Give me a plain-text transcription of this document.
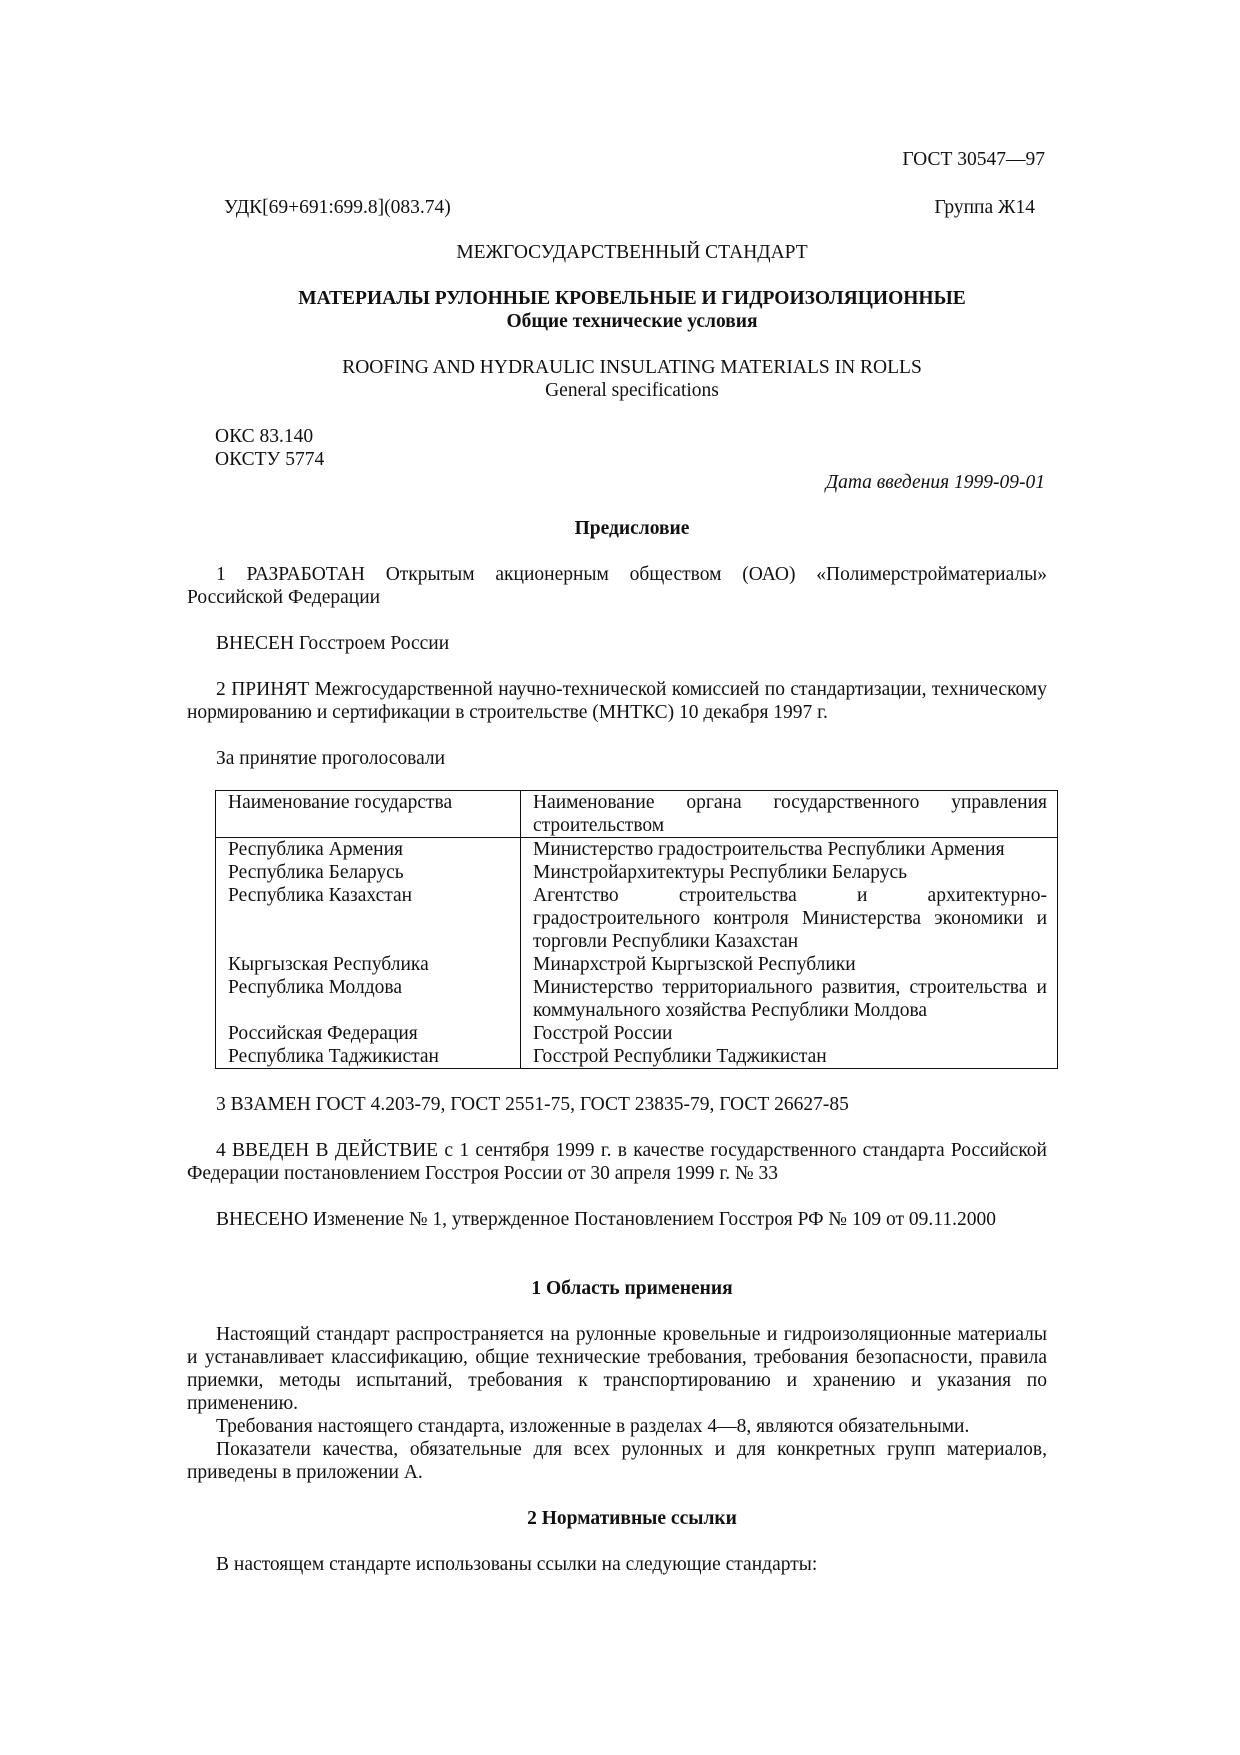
ГОСТ 30547—97
УДК[69+691:699.8](083.74)	Группа Ж14
МЕЖГОСУДАРСТВЕННЫЙ СТАНДАРТ
МАТЕРИАЛЫ РУЛОННЫЕ КРОВЕЛЬНЫЕ И ГИДРОИЗОЛЯЦИОННЫЕ
Общие технические условия
ROOFING AND HYDRAULIC INSULATING MATERIALS IN ROLLS
General specifications
ОКС 83.140
ОКСТУ 5774
Дата введения 1999-09-01
Предисловие

1 РАЗРАБОТАН Открытым акционерным обществом (ОАО) «Полимерстройматериалы» Российской Федерации

ВНЕСЕН Госстроем России

2 ПРИНЯТ Межгосударственной научно-технической комиссией по стандартизации, техническому нормированию и сертификации в строительстве (МНТКС) 10 декабря 1997 г.

За принятие проголосовали

Наименование государства	Наименование органа государственного управления строительством
Республика Армения	Министерство градостроительства Республики Армения
Республика Беларусь	Минстройархитектуры Республики Беларусь
Республика Казахстан	Агентство строительства и архитектурно-градостроительного контроля Министерства экономики и торговли Республики Казахстан
Кыргызская Республика	Минархстрой Кыргызской Республики
Республика Молдова	Министерство территориального развития, строительства и коммунального хозяйства Республики Молдова
Российская Федерация	Госстрой России
Республика Таджикистан	Госстрой Республики Таджикистан

3 ВЗАМЕН ГОСТ 4.203-79, ГОСТ 2551-75, ГОСТ 23835-79, ГОСТ 26627-85

4 ВВЕДЕН В ДЕЙСТВИЕ с 1 сентября 1999 г. в качестве государственного стандарта Российской Федерации постановлением Госстроя России от 30 апреля 1999 г. № 33

ВНЕСЕНО Изменение № 1, утвержденное Постановлением Госстроя РФ № 109 от 09.11.2000

1 Область применения

Настоящий стандарт распространяется на рулонные кровельные и гидроизоляционные материалы и устанавливает классификацию, общие технические требования, требования безопасности, правила приемки, методы испытаний, требования к транспортированию и хранению и указания по применению.

Требования настоящего стандарта, изложенные в разделах 4—8, являются обязательными.

Показатели качества, обязательные для всех рулонных и для конкретных групп материалов, приведены в приложении А.

2 Нормативные ссылки

В настоящем стандарте использованы ссылки на следующие стандарты:
